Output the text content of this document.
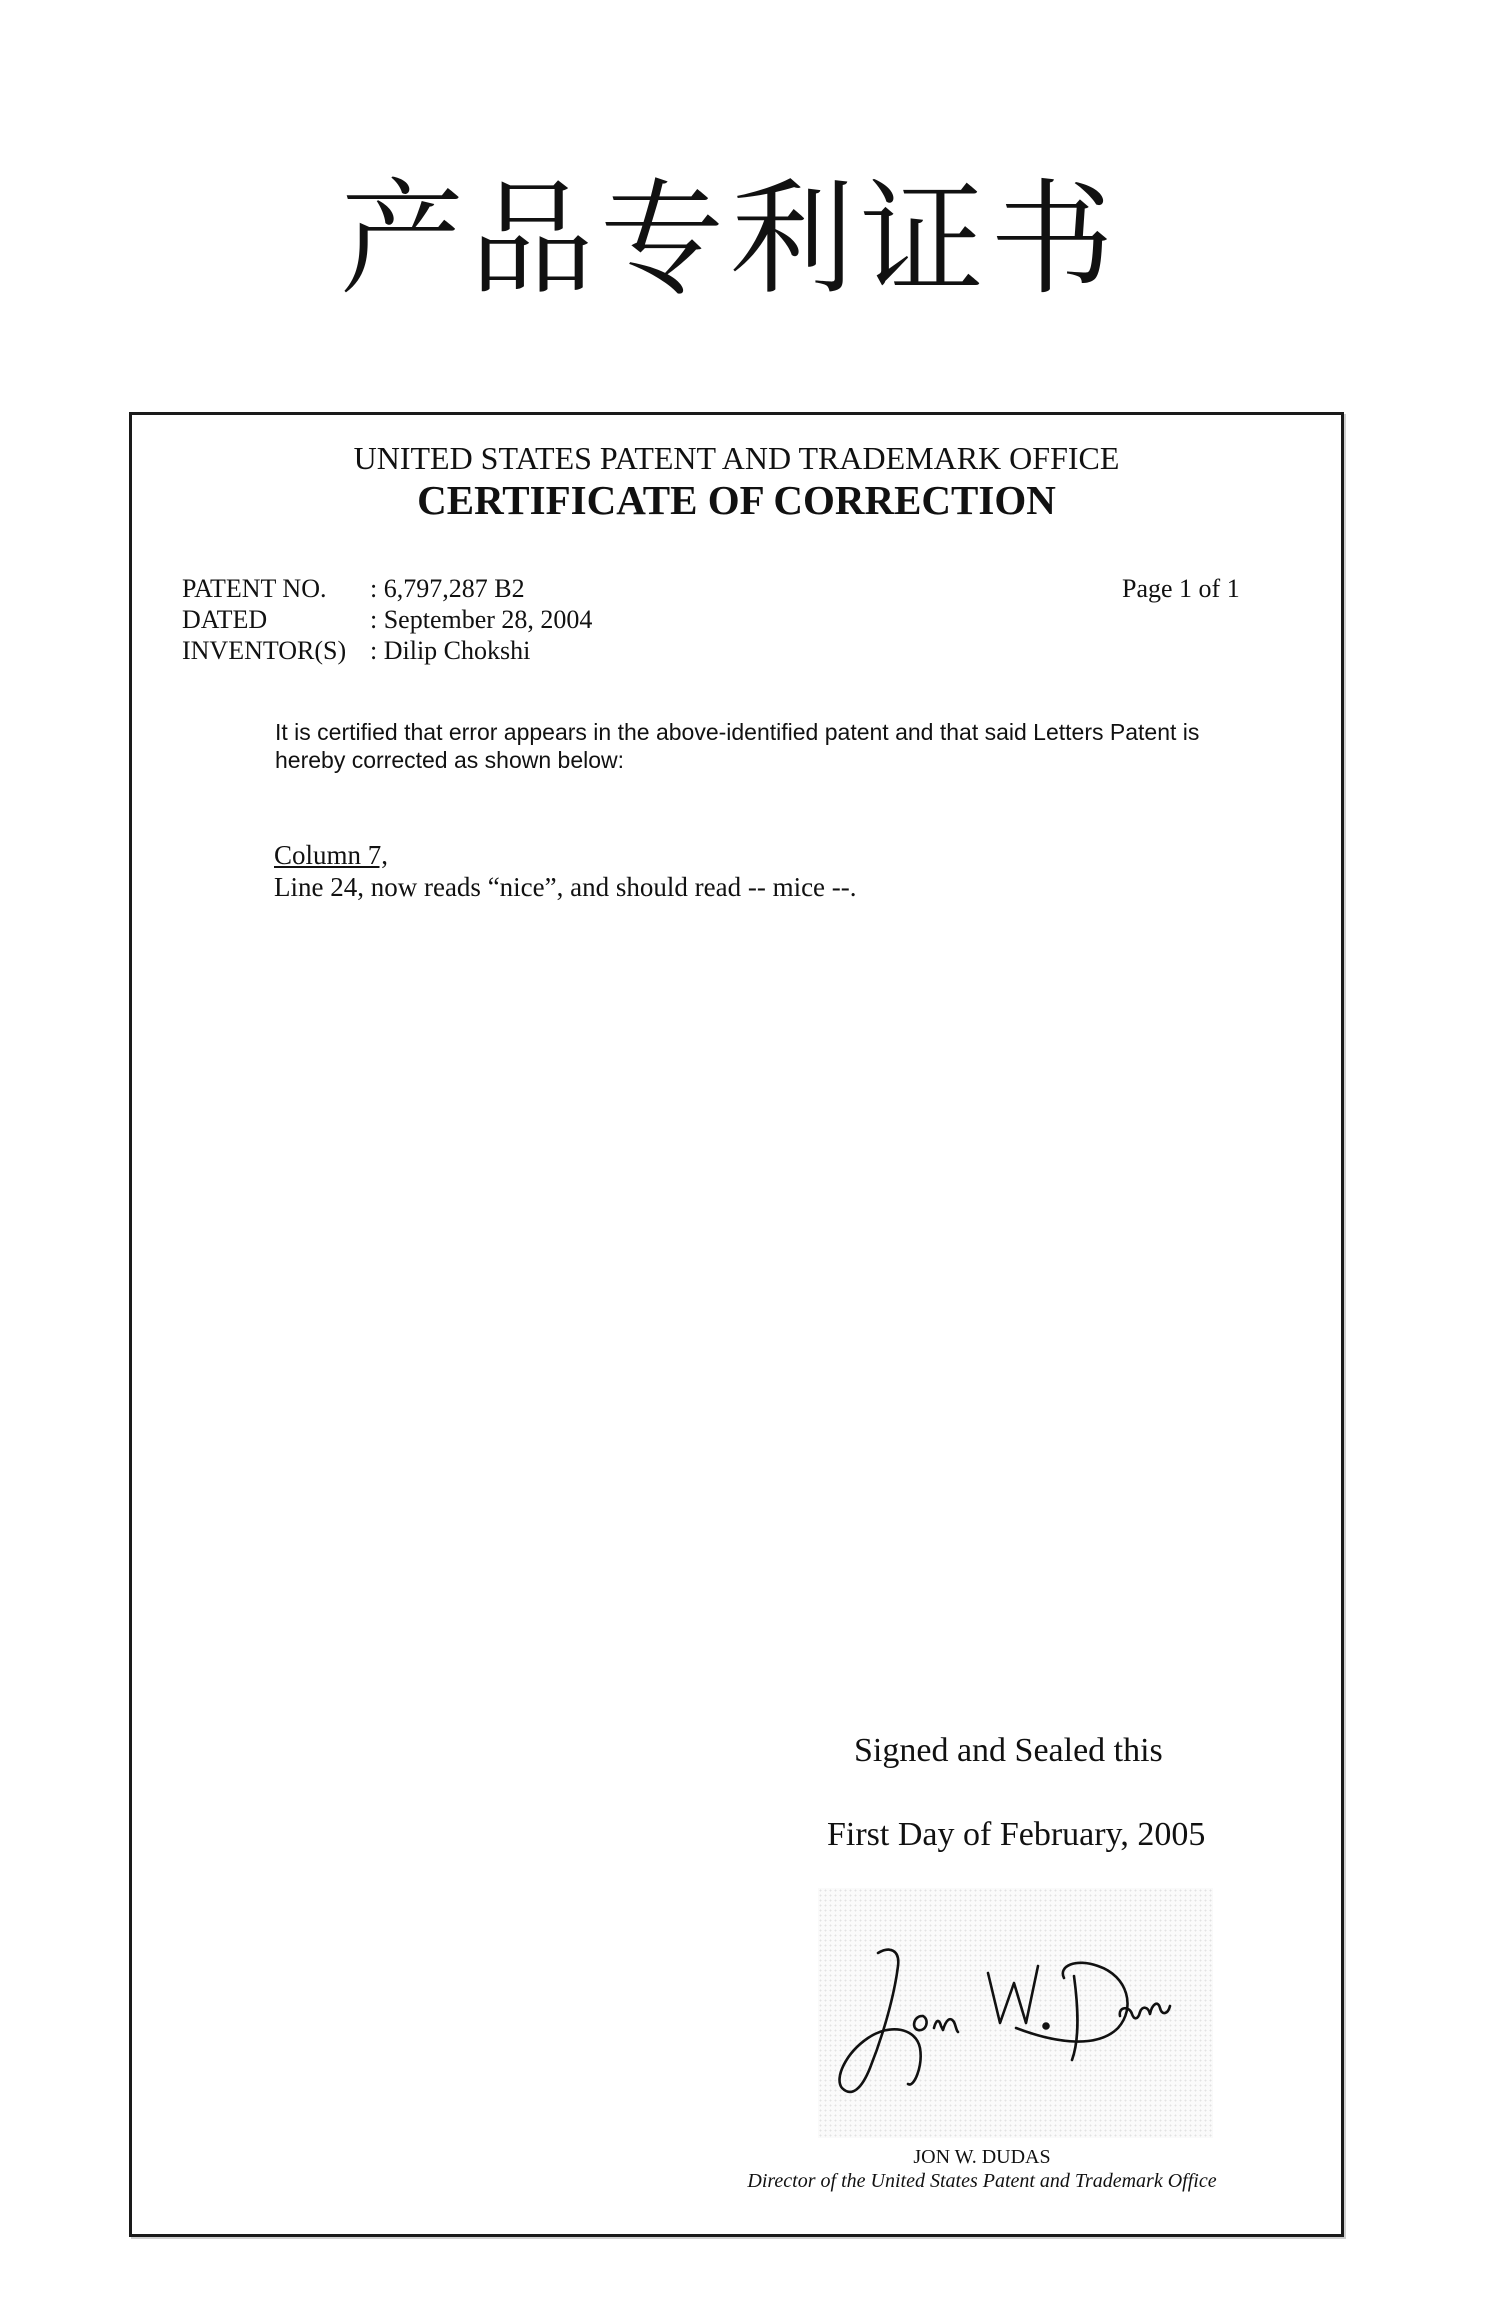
产品专利证书
UNITED STATES PATENT AND TRADEMARK OFFICE
CERTIFICATE OF CORRECTION
PATENT NO.	: 6,797,287 B2
DATED	: September 28, 2004
INVENTOR(S) : Dilip Chokshi
Page 1 of 1
It is certified that error appears in the above-identified patent and that said Letters Patent is hereby corrected as shown below:
Column 7,
Line 24, now reads “nice”, and should read -- mice --.
Signed and Sealed this
First Day of February, 2005
JON W. DUDAS
Director of the United States Patent and Trademark Office
